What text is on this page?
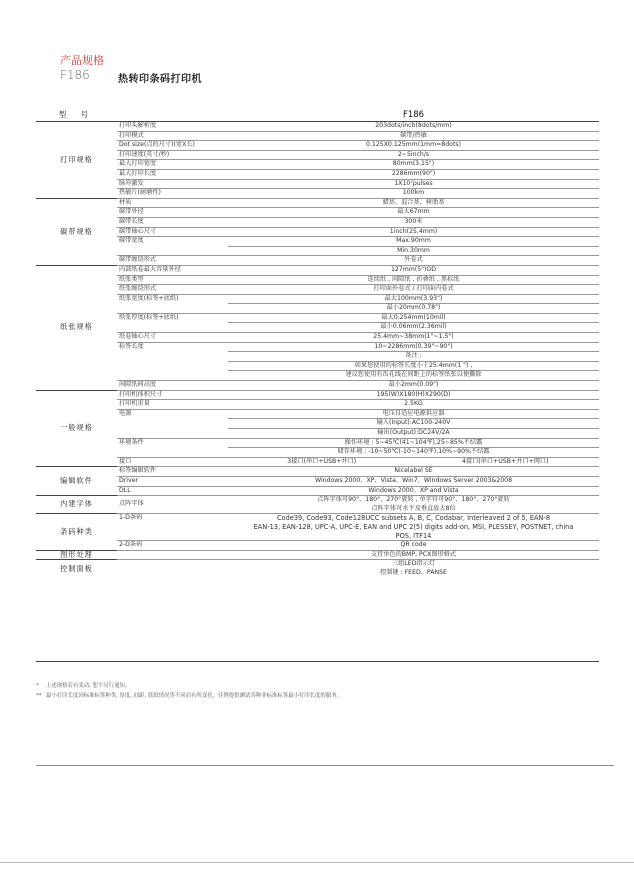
产品规格
F186	热转印条码打印机
型 号		F186
打印规格	打印头解析度	203dots/inch(8dots/mm)
	打印模式	碳带/热敏
	Dot size(点的尺寸)(宽X长)	0.125X0.125mm(1mm=8dots)
	打印速度(英寸/秒)	2~5inch/s
	最大打印宽度	80mm(3.15")
	最大打印长度	2286mm(90")
	脉冲激发	1X10⁷pulses
	热敏片(耐磨性)	100km
碳带规格	材质	蜡基、混合基、树脂基
	碳带外径	最大67mm
	碳带长度	300米
	碳带轴心尺寸	1inch(25.4mm)
	碳带宽度	Max.90mm
		Min.30mm
	碳带缠绕形式	外卷式
纸张规格	内部纸卷最大容量外径	127mm(5")OD
	纸张类型	连续纸 , 间隙纸 , 折叠纸 , 黑标纸
	纸张缠绕形式	打印面外卷式 / 打印面内卷式
	纸张宽度(标签+底纸)	最大100mm(3.93")
		最小20mm(0.78")
	纸张厚度(标签+底纸)	最大0.254mm(10mil)
		最小0.06mm(2.36mil)
	纸卷轴心尺寸	25.4mm~38mm(1"~1.5")
	标签长度	10~2286mm(0.39"~90")
		备注 :
		如果您使用的标签长度小于25.4mm(1 ") ,
		建议您使用有齿孔线在间距上的标签纸张以便撕除
	间隙纸间高度	最小2mm(0.09")
一般规格	打印机体积尺寸	195(W)X180(H)X290(D)
	打印机重量	2.5KG
	电源	电压自适应电源供应器
		输入(Input):AC100-240V
		输出(Output):DC24V/2A
	环境条件	操作环境 : 5~45℃(41~104℉),25~85%不结露
		储存环境 : -10~50℃(-10~140℉),10%~90%不结露
	接口	3接口(串口+USB+并口) 4接口(串口+USB+并口+网口)

编辑软件	标签编辑软件	Nicelabel SE
	Driver	Windows 2000、XP、Vista、Win7、Windows Server 2003&2008
	DLL	Windows 2000、XP and Vista
内建字体	点阵字体	点阵字体可90°、180°、270°旋转 , 单字符可90°、180°、270°旋转
点阵字体可水平及垂直放大8倍

条码种类	1-D条码	Code39, Code93, Code128UCC subsets A, B, C, Codabar, Interleaved 2 of 5, EAN-8
EAN-13, EAN-128, UPC-A, UPC-E, EAN and UPC 2(5) digits add-on, MSI, PLESSEY, POSTNET, china
POS, ITF14

	2-D条码	QR code
图形处理		支持单色的BMP, PCX图形格式
控制面板		三组LED指示灯
控制键 : FEED、PANSE
* 上述规格若有变动, 恕不另行通知。
** 最小打印长度因标准标签种类, 厚度, 间距, 底纸情况等不同而有所变化。佳博提供测试各种非标准标签最小打印长度的服务。
